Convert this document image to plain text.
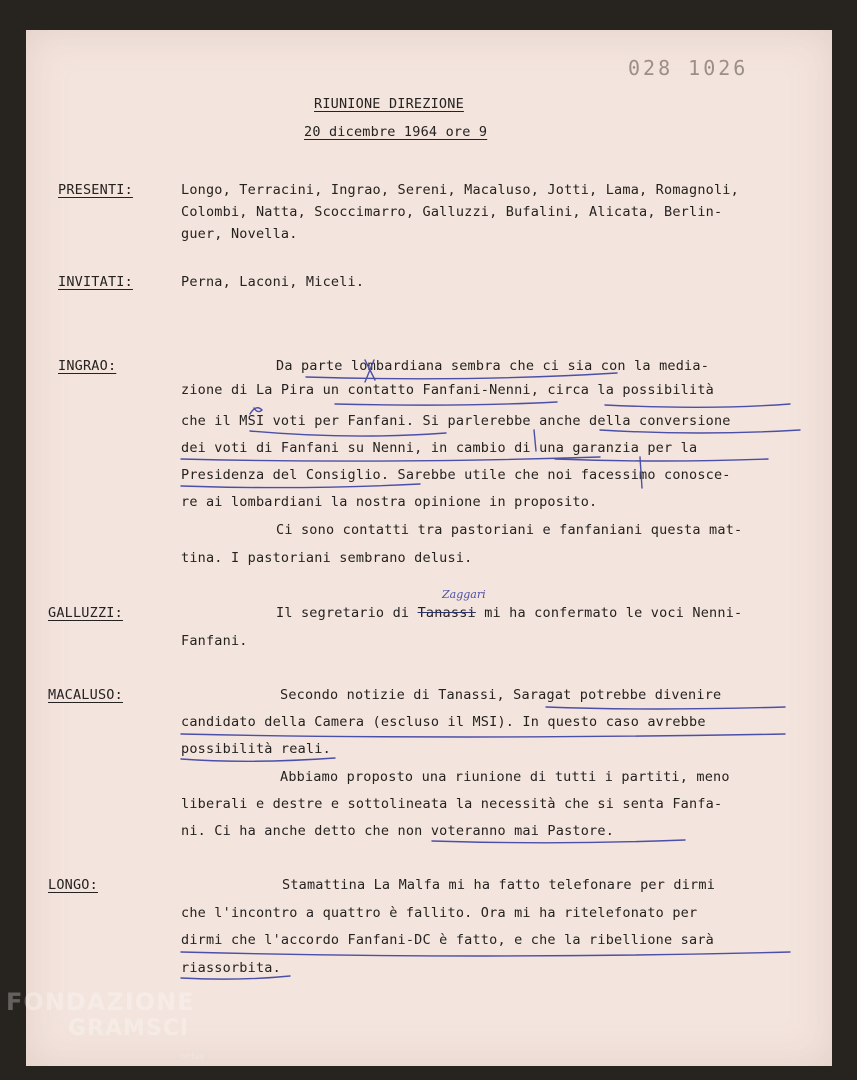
028 1026
RIUNIONE DIREZIONE
20 dicembre 1964 ore 9
PRESENTI:	Longo, Terracini, Ingrao, Sereni, Macaluso, Jotti, Lama, Romagnoli,
Colombi, Natta, Scoccimarro, Galluzzi, Bufalini, Alicata, Berlin-
guer, Novella.
INVITATI:	Perna, Laconi, Miceli.
INGRAO:	Da parte lombardiana sembra che ci sia con la media-
zione di La Pira un contatto Fanfani-Nenni, circa la possibilità
che il MSI voti per Fanfani. Si parlerebbe anche della conversione
dei voti di Fanfani su Nenni, in cambio di una garanzia per la
Presidenza del Consiglio. Sarebbe utile che noi facessimo conosce-
re ai lombardiani la nostra opinione in proposito.
Ci sono contatti tra pastoriani e fanfaniani questa mat-
tina. I pastoriani sembrano delusi.
GALLUZZI:	Il segretario di Tanassi mi ha confermato le voci Nenni-
Zaggari
Fanfani.
MACALUSO:	Secondo notizie di Tanassi, Saragat potrebbe divenire
candidato della Camera (escluso il MSI). In questo caso avrebbe
possibilità reali.
Abbiamo proposto una riunione di tutti i partiti, meno
liberali e destre e sottolineata la necessità che si senta Fanfa-
ni. Ci ha anche detto che non voteranno mai Pastore.
LONGO:	Stamattina La Malfa mi ha fatto telefonare per dirmi
che l'incontro a quattro è fallito. Ora mi ha ritelefonato per
dirmi che l'accordo Fanfani-DC è fatto, e che la ribellione sarà
riassorbita.
FONDAZIONE
GRAMSCI
onlus
